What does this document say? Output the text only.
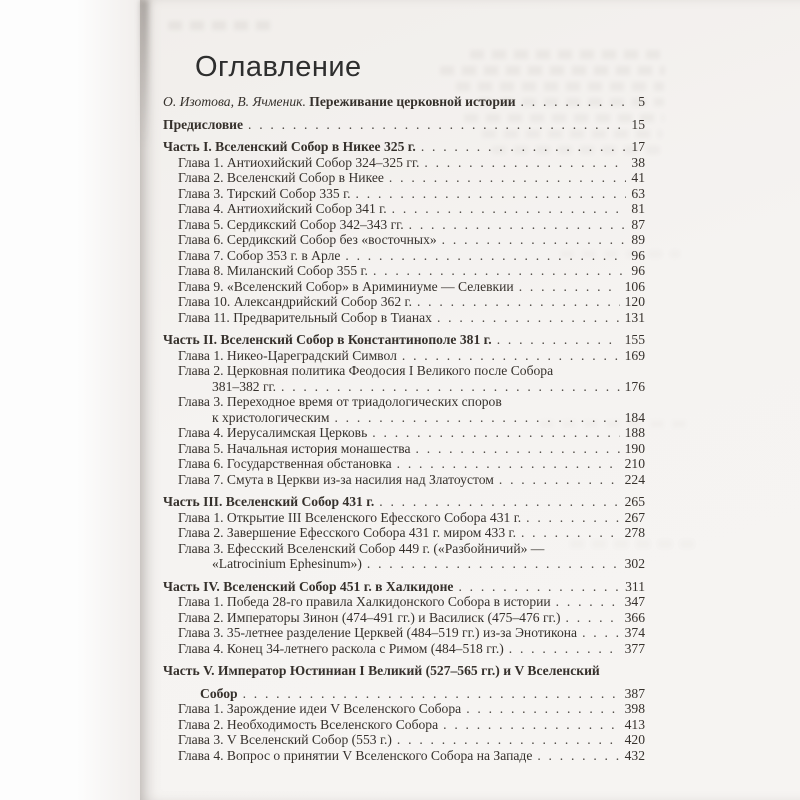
Оглавление
О. Изотова, В. Ячменик. Переживание церковной истории . . .	5
Предисловие . . .	15
Часть I. Вселенский Собор в Никее 325 г. . . .	17
Глава 1. Антиохийский Собор 324–325 гг. . . .	38
Глава 2. Вселенский Собор в Никее . . .	41
Глава 3. Тирский Собор 335 г. . . .	63
Глава 4. Антиохийский Собор 341 г. . . .	81
Глава 5. Сердикский Собор 342–343 гг. . . .	87
Глава 6. Сердикский Собор без «восточных» . . .	89
Глава 7. Собор 353 г. в Арле . . .	96
Глава 8. Миланский Собор 355 г. . . .	96
Глава 9. «Вселенский Собор» в Ариминиуме — Селевкии . . .	106
Глава 10. Александрийский Собор 362 г. . . .	120
Глава 11. Предварительный Собор в Тианах . . .	131
Часть II. Вселенский Собор в Константинополе 381 г. . . .	155
Глава 1. Никео-Цареградский Символ . . .	169
Глава 2. Церковная политика Феодосия I Великого после Собора
381–382 гг. . . .	176
Глава 3. Переходное время от триадологических споров
к христологическим . . .	184
Глава 4. Иерусалимская Церковь . . .	188
Глава 5. Начальная история монашества . . .	190
Глава 6. Государственная обстановка . . .	210
Глава 7. Смута в Церкви из-за насилия над Златоустом . . .	224
Часть III. Вселенский Собор 431 г. . . .	265
Глава 1. Открытие III Вселенского Ефесского Собора 431 г. . . .	267
Глава 2. Завершение Ефесского Собора 431 г. миром 433 г. . . .	278
Глава 3. Ефесский Вселенский Собор 449 г. («Разбойничий» —
«Latrocinium Ephesinum») . . .	302
Часть IV. Вселенский Собор 451 г. в Халкидоне . . .	311
Глава 1. Победа 28-го правила Халкидонского Собора в истории . . .	347
Глава 2. Императоры Зинон (474–491 гг.) и Василиск (475–476 гг.) . . .	366
Глава 3. 35-летнее разделение Церквей (484–519 гг.) из-за Энотикона . . .	374
Глава 4. Конец 34-летнего раскола с Римом (484–518 гг.) . . .	377
Часть V. Император Юстиниан I Великий (527–565 гг.) и V Вселенский
Собор . . .	387
Глава 1. Зарождение идеи V Вселенского Собора . . .	398
Глава 2. Необходимость Вселенского Собора . . .	413
Глава 3. V Вселенский Собор (553 г.) . . .	420
Глава 4. Вопрос о принятии V Вселенского Собора на Западе . . .	432
